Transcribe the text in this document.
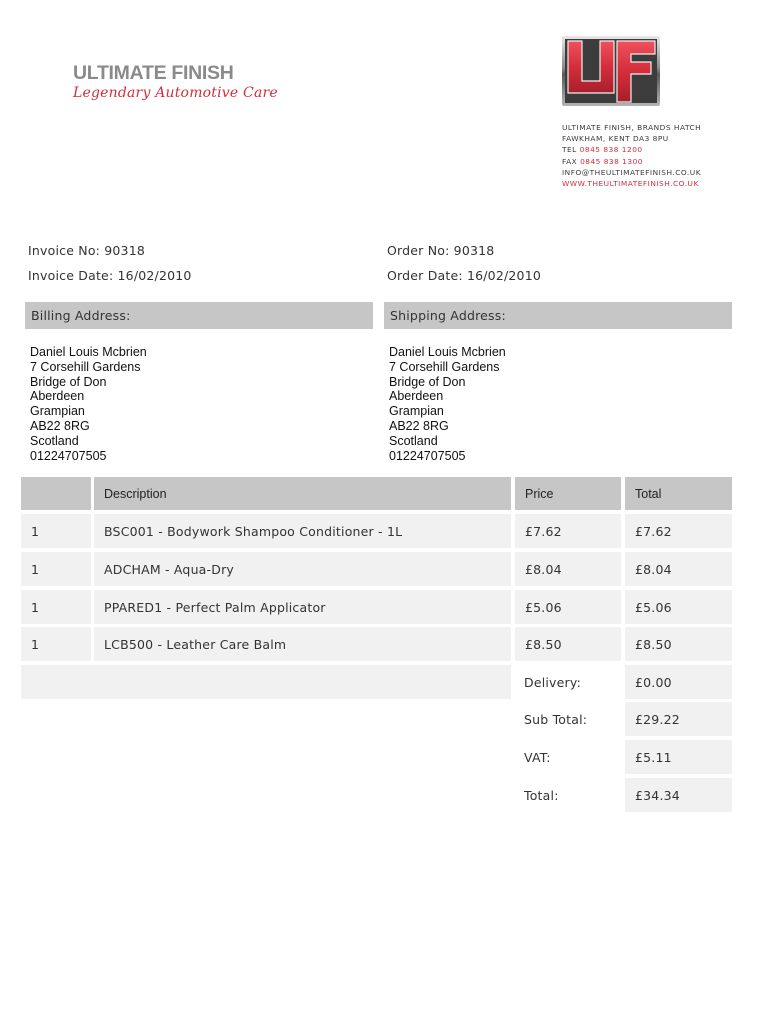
ULTIMATE FINISH
Legendary Automotive Care
ULTIMATE FINISH, BRANDS HATCH
FAWKHAM, KENT DA3 8PU
TEL 0845 838 1200
FAX 0845 838 1300
INFO@THEULTIMATEFINISH.CO.UK
WWW.THEULTIMATEFINISH.CO.UK
Invoice No: 90318
Invoice Date: 16/02/2010
Order No: 90318
Order Date: 16/02/2010
Billing Address:	Shipping Address:
Daniel Louis Mcbrien
7 Corsehill Gardens
Bridge of Don
Aberdeen
Grampian
AB22 8RG
Scotland
01224707505
Daniel Louis Mcbrien
7 Corsehill Gardens
Bridge of Don
Aberdeen
Grampian
AB22 8RG
Scotland
01224707505
Description	Price	Total
1	BSC001 - Bodywork Shampoo Conditioner - 1L	£7.62	£7.62
1	ADCHAM - Aqua-Dry	£8.04	£8.04
1	PPARED1 - Perfect Palm Applicator	£5.06	£5.06
1	LCB500 - Leather Care Balm	£8.50	£8.50
Delivery:	£0.00
Sub Total:	£29.22
VAT:	£5.11
Total:	£34.34
